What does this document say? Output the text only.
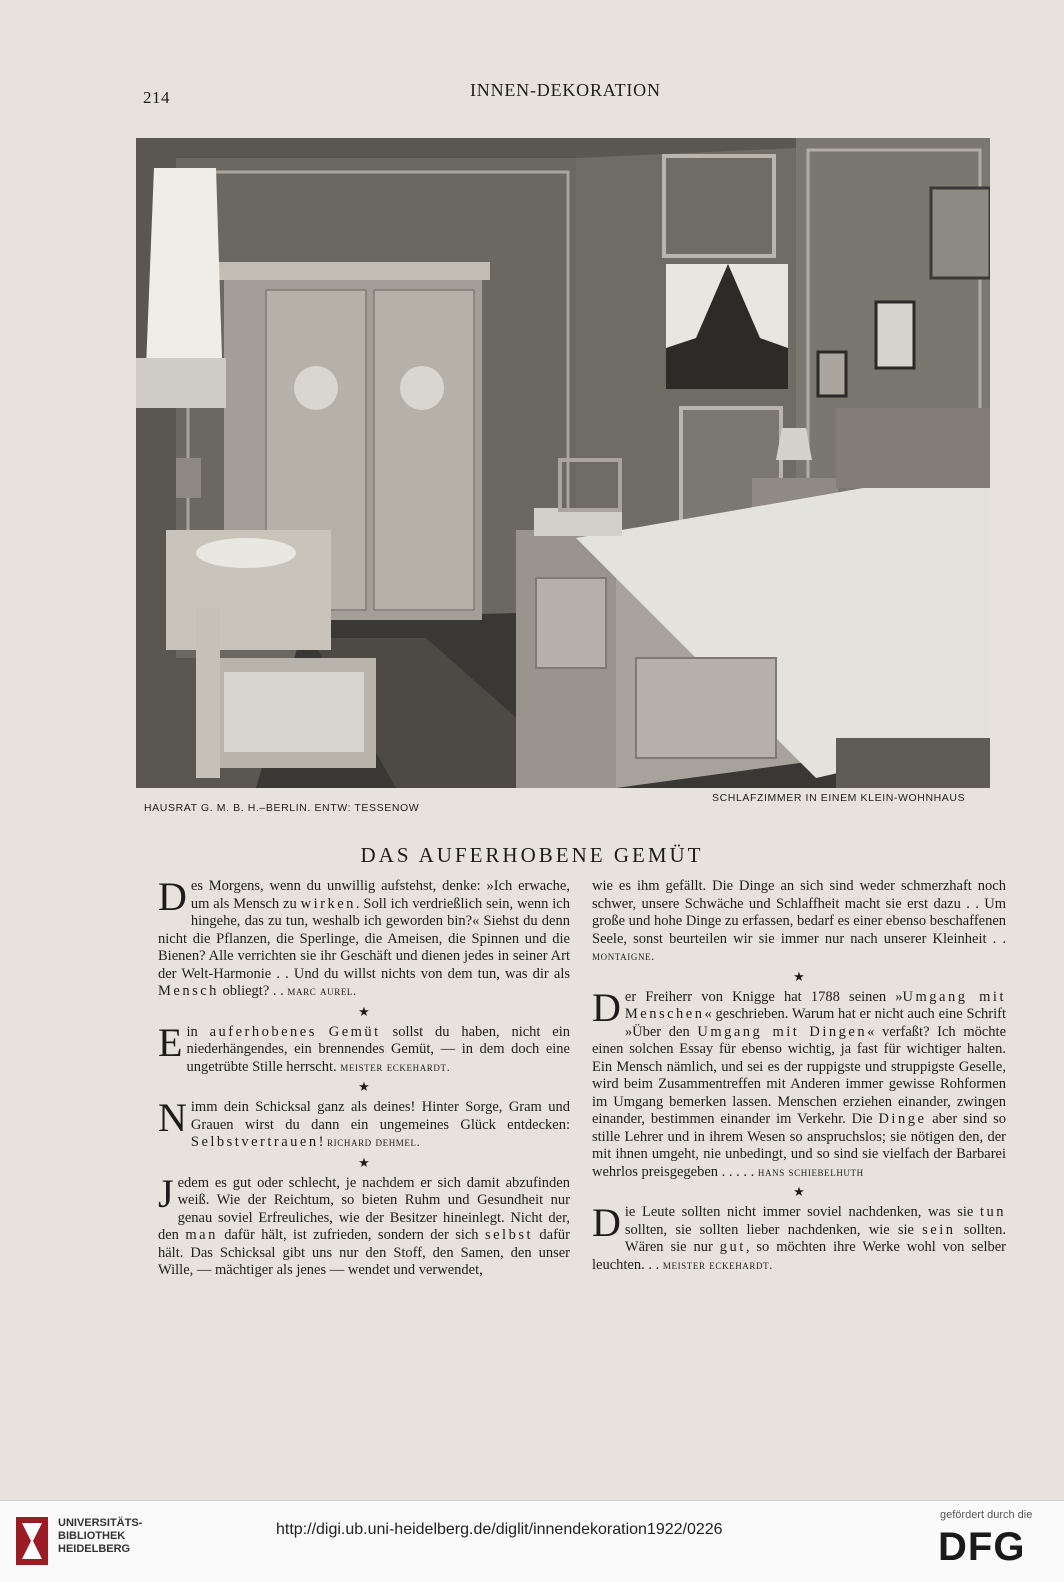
214	INNEN-DEKORATION
HAUSRAT G. M. B. H.–BERLIN. ENTW: TESSENOW
SCHLAFZIMMER IN EINEM KLEIN-WOHNHAUS
DAS AUFERHOBENE GEMÜT

Des Morgens, wenn du unwillig aufstehst, denke: »Ich erwache, um als Mensch zu wirken. Soll ich verdrießlich sein, wenn ich hingehe, das zu tun, weshalb ich geworden bin?« Siehst du denn nicht die Pflanzen, die Sperlinge, die Ameisen, die Spinnen und die Bienen? Alle verrichten sie ihr Geschäft und dienen jedes in seiner Art der Welt-Harmonie . . Und du willst nichts von dem tun, was dir als Mensch obliegt? . . marc aurel.

★

Ein auferhobenes Gemüt sollst du haben, nicht ein niederhängendes, ein brennendes Gemüt, — in dem doch eine ungetrübte Stille herrscht. meister eckehardt.

★

Nimm dein Schicksal ganz als deines! Hinter Sorge, Gram und Grauen wirst du dann ein ungemeines Glück entdecken: Selbstvertrauen! richard dehmel.

★

Jedem es gut oder schlecht, je nachdem er sich damit abzufinden weiß. Wie der Reichtum, so bieten Ruhm und Gesundheit nur genau soviel Erfreuliches, wie der Besitzer hineinlegt. Nicht der, den man dafür hält, ist zufrieden, sondern der sich selbst dafür hält. Das Schicksal gibt uns nur den Stoff, den Samen, den unser Wille, — mächtiger als jenes — wendet und verwendet,

wie es ihm gefällt. Die Dinge an sich sind weder schmerzhaft noch schwer, unsere Schwäche und Schlaffheit macht sie erst dazu . . Um große und hohe Dinge zu erfassen, bedarf es einer ebenso beschaffenen Seele, sonst beurteilen wir sie immer nur nach unserer Kleinheit . . montaigne.

★

Der Freiherr von Knigge hat 1788 seinen »Umgang mit Menschen« geschrieben. Warum hat er nicht auch eine Schrift »Über den Umgang mit Dingen« verfaßt? Ich möchte einen solchen Essay für ebenso wichtig, ja fast für wichtiger halten. Ein Mensch nämlich, und sei es der ruppigste und struppigste Geselle, wird beim Zusammentreffen mit Anderen immer gewisse Rohformen im Umgang bemerken lassen. Menschen erziehen einander, zwingen einander, bestimmen einander im Verkehr. Die Dinge aber sind so stille Lehrer und in ihrem Wesen so anspruchslos; sie nötigen den, der mit ihnen umgeht, nie unbedingt, und so sind sie vielfach der Barbarei wehrlos preisgegeben . . . . . hans schiebelhuth

★

Die Leute sollten nicht immer soviel nachdenken, was sie tun sollten, sie sollten lieber nachdenken, wie sie sein sollten. Wären sie nur gut, so möchten ihre Werke wohl von selber leuchten. . . meister eckehardt.

UNIVERSITÄTS-
BIBLIOTHEK
HEIDELBERG
http://digi.ub.uni-heidelberg.de/diglit/innendekoration1922/0226
gefördert durch die
DFG
